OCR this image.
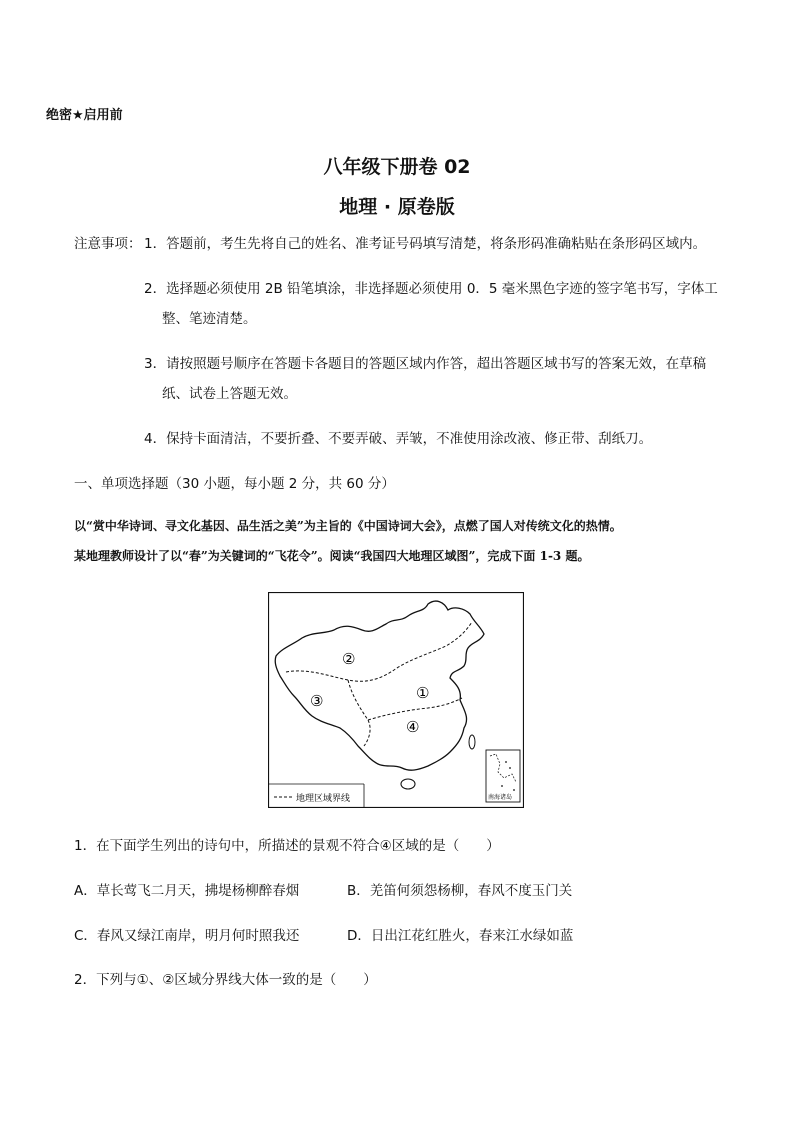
绝密★启用前
八年级下册卷 02
地理 · 原卷版
注意事项： 1．答题前，考生先将自己的姓名、准考证号码填写清楚，将条形码准确粘贴在条形码区域内。
2．选择题必须使用 2B 铅笔填涂，非选择题必须使用 0．5 毫米黑色字迹的签字笔书写，字体工
整、笔迹清楚。
3．请按照题号顺序在答题卡各题目的答题区域内作答，超出答题区域书写的答案无效，在草稿
纸、试卷上答题无效。
4．保持卡面清洁，不要折叠、不要弄破、弄皱，不准使用涂改液、修正带、刮纸刀。
一、单项选择题（30 小题，每小题 2 分，共 60 分）
以“赏中华诗词、寻文化基因、品生活之美”为主旨的《中国诗词大会》，点燃了国人对传统文化的热情。
某地理教师设计了以“春”为关键词的“飞花令”。阅读“我国四大地理区域图”，完成下面 1-3 题。
②
③	①
④
地理区域界线	南海诸岛
1．在下面学生列出的诗句中，所描述的景观不符合④区域的是（　　）
A．草长莺飞二月天，拂堤杨柳醉春烟	B．羌笛何须怨杨柳，春风不度玉门关
C．春风又绿江南岸，明月何时照我还	D．日出江花红胜火，春来江水绿如蓝
2．下列与①、②区域分界线大体一致的是（　　）
